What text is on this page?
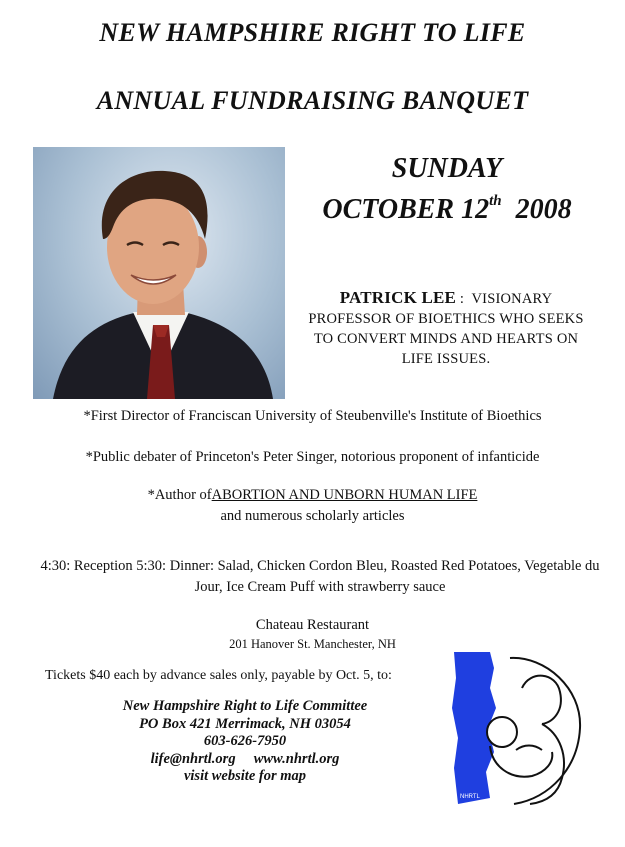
NEW HAMPSHIRE RIGHT TO LIFE
ANNUAL FUNDRAISING BANQUET
SUNDAY
OCTOBER 12th 2008
PATRICK LEE : VISIONARY PROFESSOR OF BIOETHICS WHO SEEKS TO CONVERT MINDS AND HEARTS ON LIFE ISSUES.
*First Director of Franciscan University of Steubenville's Institute of Bioethics
*Public debater of Princeton's Peter Singer, notorious proponent of infanticide
*Author ofABORTION AND UNBORN HUMAN LIFE
and numerous scholarly articles
4:30: Reception 5:30: Dinner: Salad, Chicken Cordon Bleu, Roasted Red Potatoes, Vegetable du Jour, Ice Cream Puff with strawberry sauce
Chateau Restaurant
201 Hanover St. Manchester, NH
Tickets $40 each by advance sales only, payable by Oct. 5, to:
New Hampshire Right to Life Committee
PO Box 421 Merrimack, NH 03054
603-626-7950
life@nhrtl.org www.nhrtl.org
visit website for map
NHRTL
